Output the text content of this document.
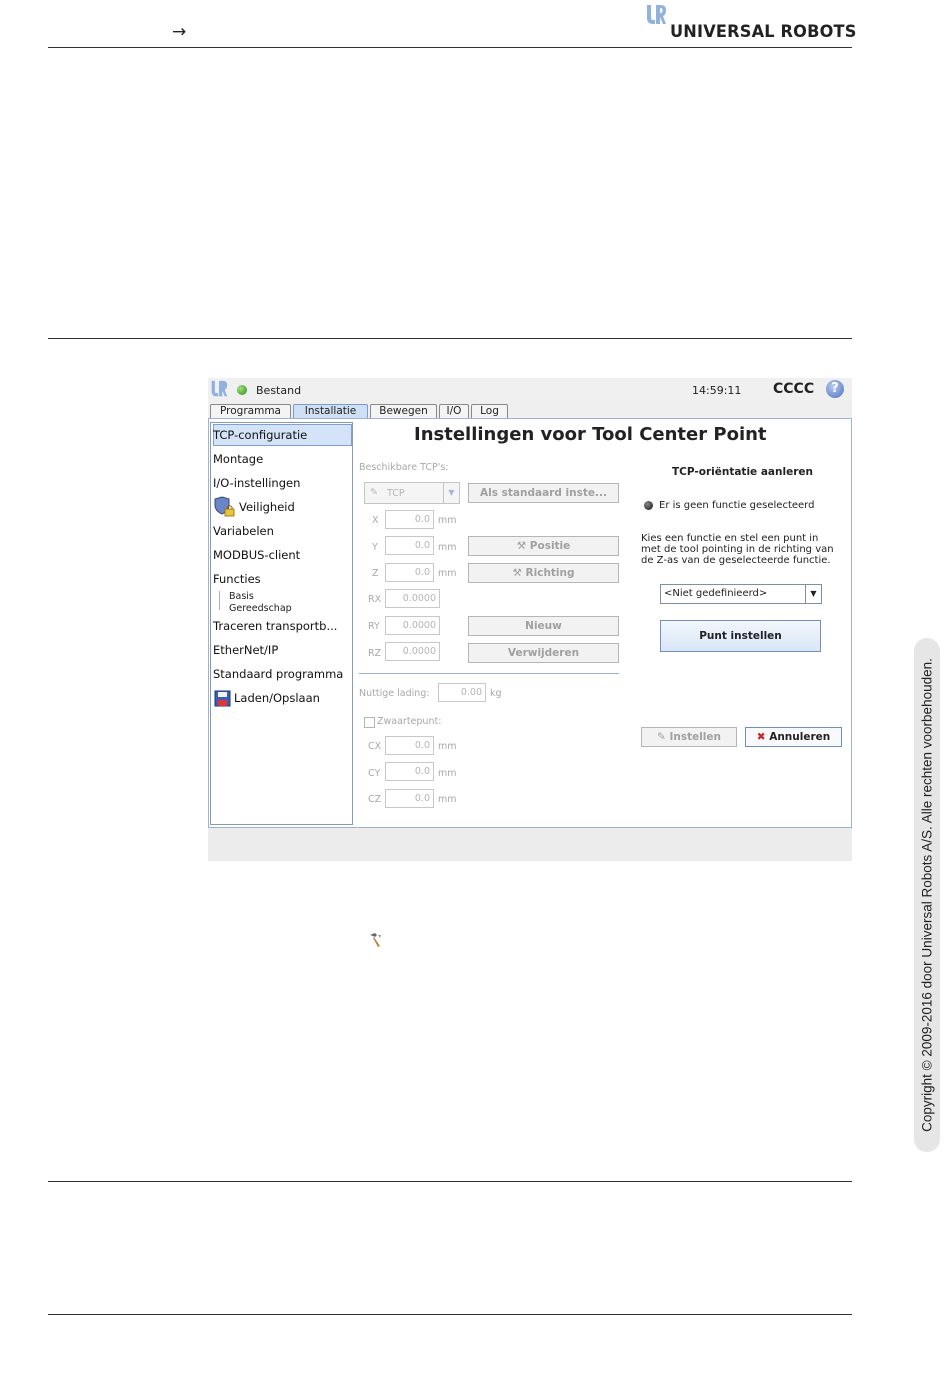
→	UNIVERSAL ROBOTS
Copyright © 2009-2016 door Universal Robots A/S. Alle rechten voorbehouden.
Bestand	14:59:11 CCCC	?
Programma	Installatie	Bewegen	I/O	Log
TCP-configuratie
Montage
I/O-instellingen
Veiligheid
Variabelen
MODBUS-client
Functies
Basis
Gereedschap
Traceren transportb...
EtherNet/IP
Standaard programma
Laden/Opslaan
Instellingen voor Tool Center Point
Beschikbare TCP's:
✎ TCP	▼	Als standaard inste...
X	0.0 mm
Y	0.0 mm	⚒ Positie
Z	0.0 mm	⚒ Richting
RX	0.0000
RY	0.0000	Nieuw
RZ	0.0000	Verwijderen
Nuttige lading:	0.00 kg
Zwaartepunt:
CX	0.0 mm
CY	0.0 mm
CZ	0.0 mm
TCP-oriëntatie aanleren
Er is geen functie geselecteerd
Kies een functie en stel een punt in
met de tool pointing in de richting van
de Z-as van de geselecteerde functie.
<Niet gedefinieerd>	▼
Punt instellen
✎ Instellen	✖ Annuleren
